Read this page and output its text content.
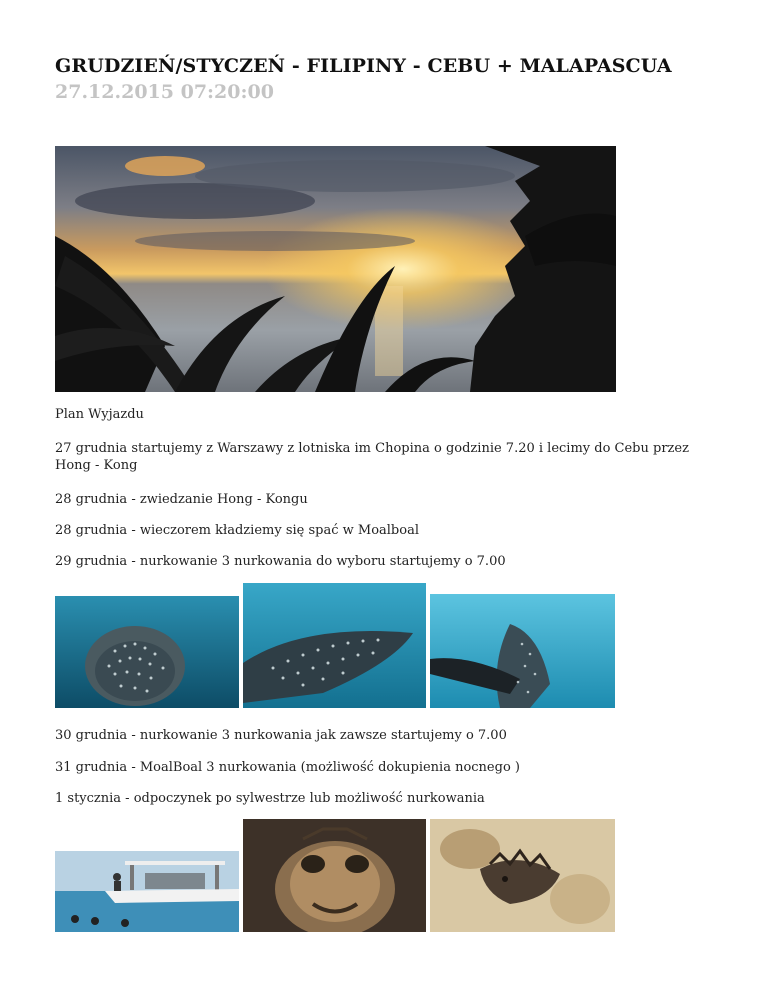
GRUDZIEŃ/STYCZEŃ - FILIPINY - CEBU + MALAPASCUA
27.12.2015 07:20:00

Plan Wyjazdu

27 grudnia startujemy z Warszawy z lotniska im Chopina o godzinie 7.20 i lecimy do Cebu przez Hong - Kong

28 grudnia - zwiedzanie Hong - Kongu

28 grudnia - wieczorem kładziemy się spać w Moalboal

29 grudnia - nurkowanie 3 nurkowania do wyboru startujemy o 7.00

30 grudnia - nurkowanie 3 nurkowania jak zawsze startujemy o 7.00

31 grudnia - MoalBoal 3 nurkowania (możliwość dokupienia nocnego )

1 stycznia - odpoczynek po sylwestrze lub możliwość nurkowania
